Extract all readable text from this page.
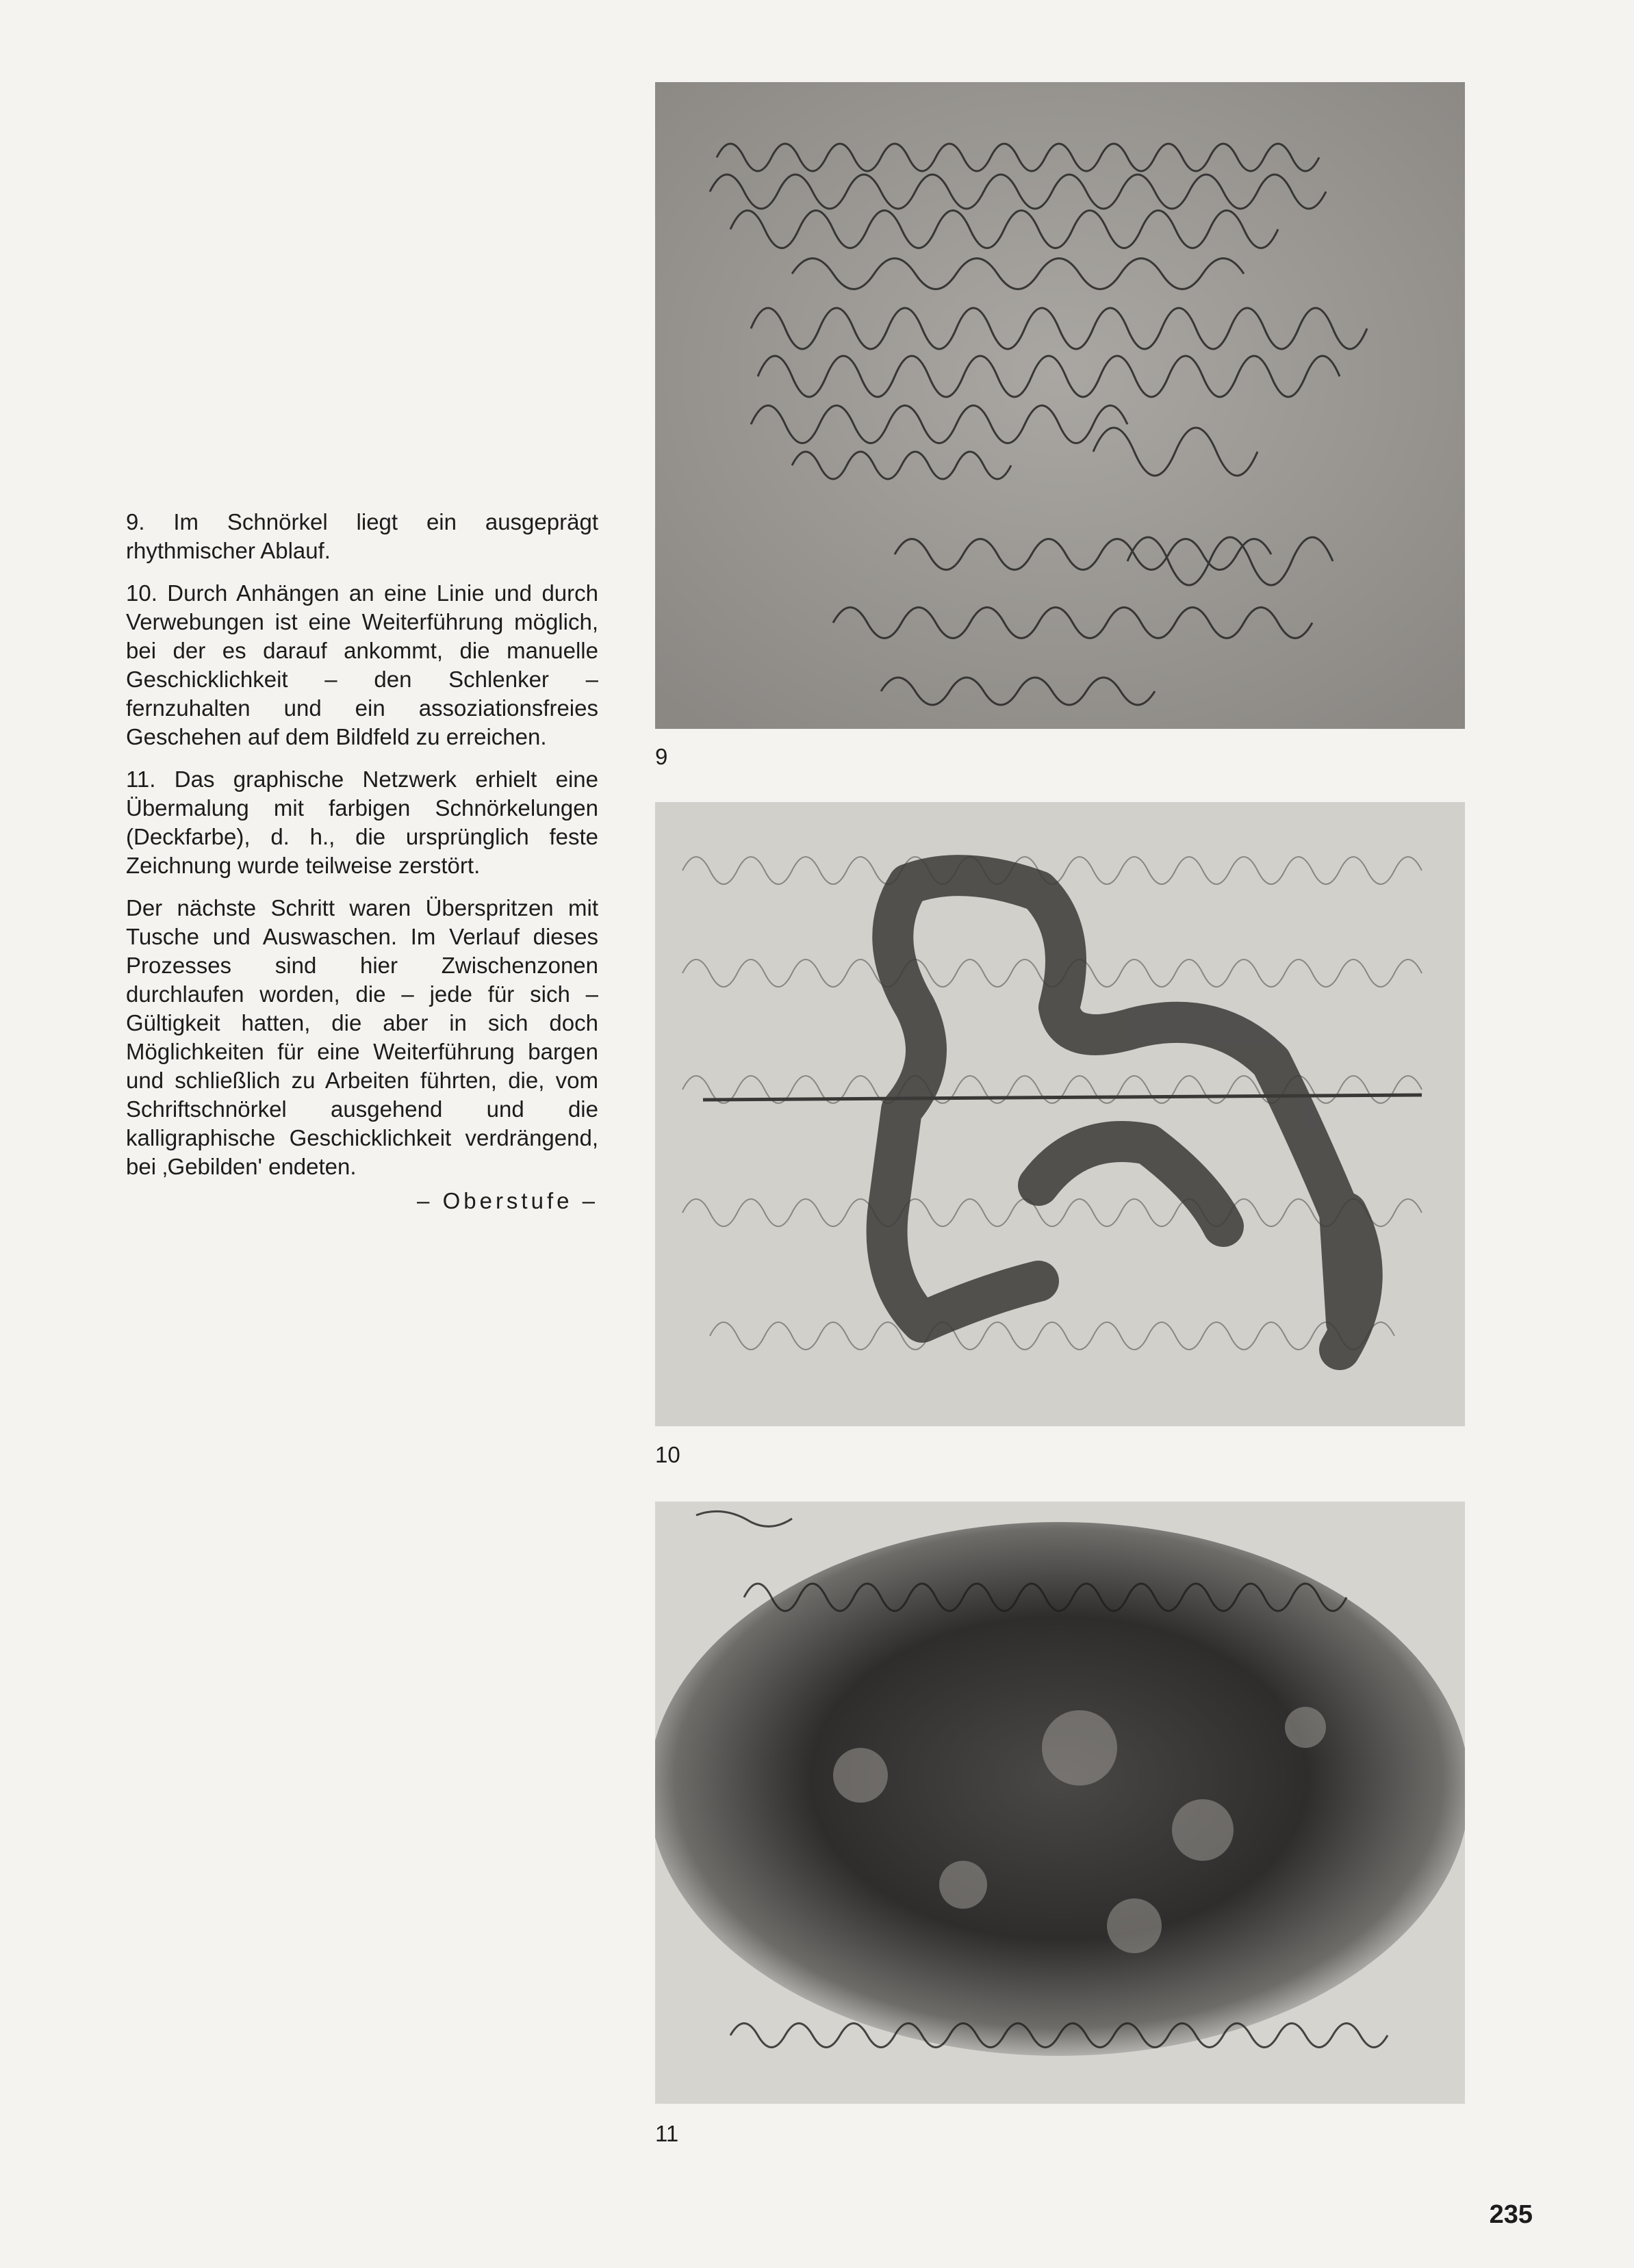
9. Im Schnörkel liegt ein ausgeprägt rhythmischer Ablauf.

10. Durch Anhängen an eine Linie und durch Verwebungen ist eine Weiterführung möglich, bei der es darauf ankommt, die manuelle Geschicklichkeit – den Schlenker – fernzuhalten und ein assoziationsfreies Geschehen auf dem Bildfeld zu erreichen.

11. Das graphische Netzwerk erhielt eine Übermalung mit farbigen Schnörkelungen (Deckfarbe), d. h., die ursprünglich feste Zeichnung wurde teilweise zerstört.

Der nächste Schritt waren Überspritzen mit Tusche und Auswaschen. Im Verlauf dieses Prozesses sind hier Zwischenzonen durchlaufen worden, die – jede für sich – Gültigkeit hatten, die aber in sich doch Möglichkeiten für eine Weiterführung bargen und schließlich zu Arbeiten führten, die, vom Schriftschnörkel ausgehend und die kalligraphische Geschicklichkeit verdrängend, bei ‚Gebilden' endeten.

– Oberstufe –
9
10
11
235
